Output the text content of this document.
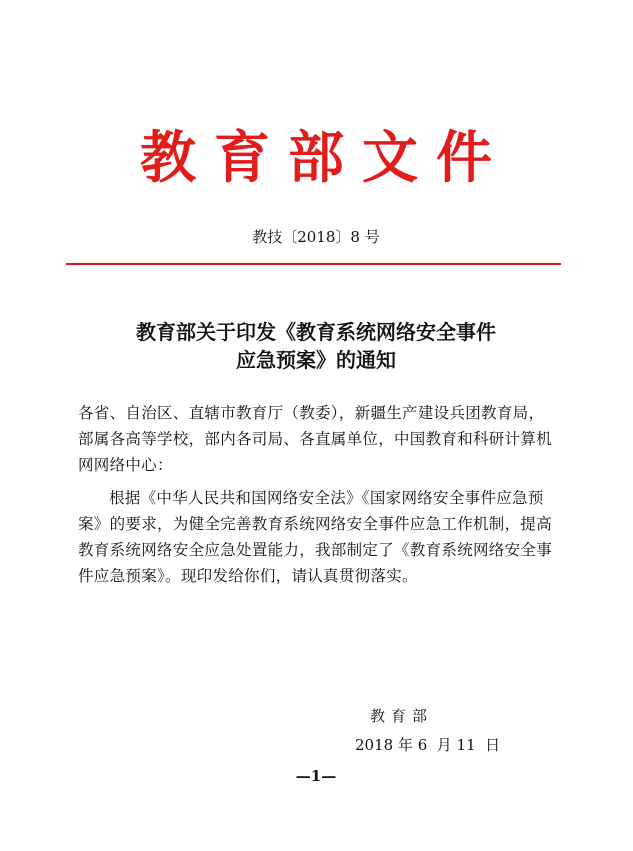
教 育 部 文 件
教技〔2018〕8 号
教育部关于印发《教育系统网络安全事件
应急预案》的通知
各省、自治区、直辖市教育厅（教委），新疆生产建设兵团教育局，部属各高等学校，部内各司局、各直属单位，中国教育和科研计算机网网络中心：
根据《中华人民共和国网络安全法》《国家网络安全事件应急预案》的要求，为健全完善教育系统网络安全事件应急工作机制，提高教育系统网络安全应急处置能力，我部制定了《教育系统网络安全事件应急预案》。现印发给你们，请认真贯彻落实。
教育部
2018 年 6  月 11  日
—1—
